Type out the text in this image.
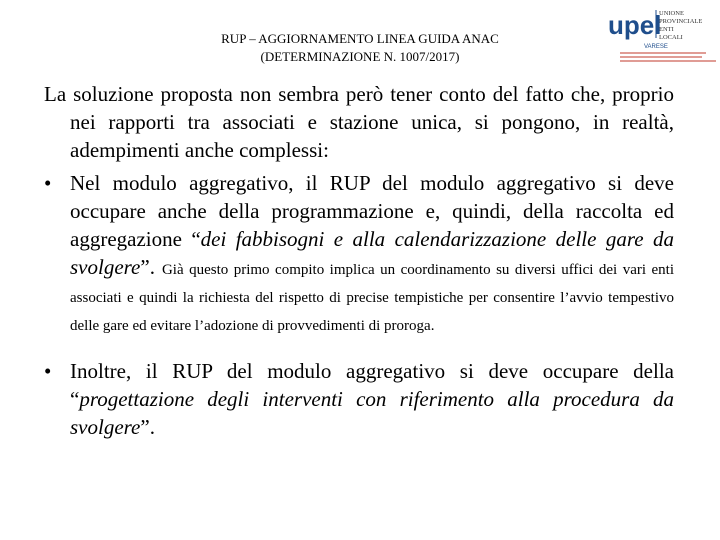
RUP – AGGIORNAMENTO LINEA GUIDA ANAC
(DETERMINAZIONE N. 1007/2017)
upel
UNIONE
PROVINCIALE
ENTI
LOCALI
VARESE

La soluzione proposta non sembra però tener conto del fatto che, proprio nei rapporti tra associati e stazione unica, si pongono, in realtà, adempimenti anche complessi:

• Nel modulo aggregativo, il RUP del modulo aggregativo si deve occupare anche della programmazione e, quindi, della raccolta ed aggregazione “dei fabbisogni e alla calendarizzazione delle gare da svolgere”. Già questo primo compito implica un coordinamento su diversi uffici dei vari enti associati e quindi la richiesta del rispetto di precise tempistiche per consentire l’avvio tempestivo delle gare ed evitare l’adozione di provvedimenti di proroga.
• Inoltre, il RUP del modulo aggregativo si deve occupare della “progettazione degli interventi con riferimento alla procedura da svolgere”.
